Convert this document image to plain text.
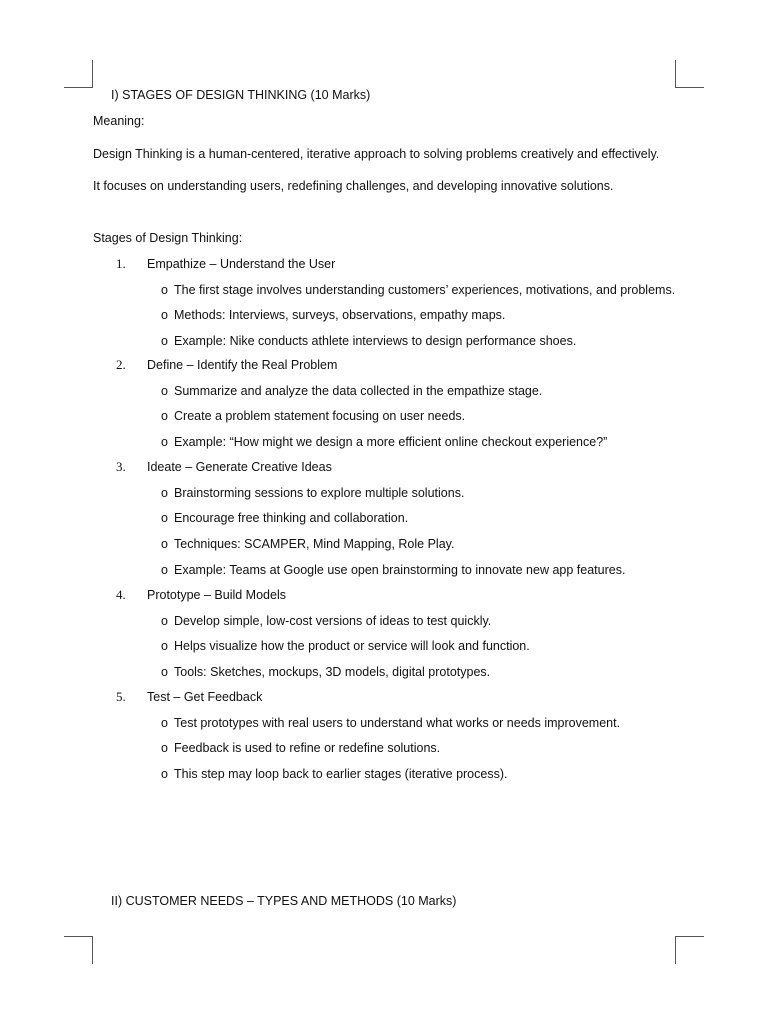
I) STAGES OF DESIGN THINKING (10 Marks)
Meaning:
Design Thinking is a human-centered, iterative approach to solving problems creatively and effectively.
It focuses on understanding users, redefining challenges, and developing innovative solutions.
Stages of Design Thinking:
1. Empathize – Understand the User
o The first stage involves understanding customers’ experiences, motivations, and problems.
o Methods: Interviews, surveys, observations, empathy maps.
o Example: Nike conducts athlete interviews to design performance shoes.
2. Define – Identify the Real Problem
o Summarize and analyze the data collected in the empathize stage.
o Create a problem statement focusing on user needs.
o Example: “How might we design a more efficient online checkout experience?”
3. Ideate – Generate Creative Ideas
o Brainstorming sessions to explore multiple solutions.
o Encourage free thinking and collaboration.
o Techniques: SCAMPER, Mind Mapping, Role Play.
o Example: Teams at Google use open brainstorming to innovate new app features.
4. Prototype – Build Models
o Develop simple, low-cost versions of ideas to test quickly.
o Helps visualize how the product or service will look and function.
o Tools: Sketches, mockups, 3D models, digital prototypes.
5. Test – Get Feedback
o Test prototypes with real users to understand what works or needs improvement.
o Feedback is used to refine or redefine solutions.
o This step may loop back to earlier stages (iterative process).
II) CUSTOMER NEEDS – TYPES AND METHODS (10 Marks)
